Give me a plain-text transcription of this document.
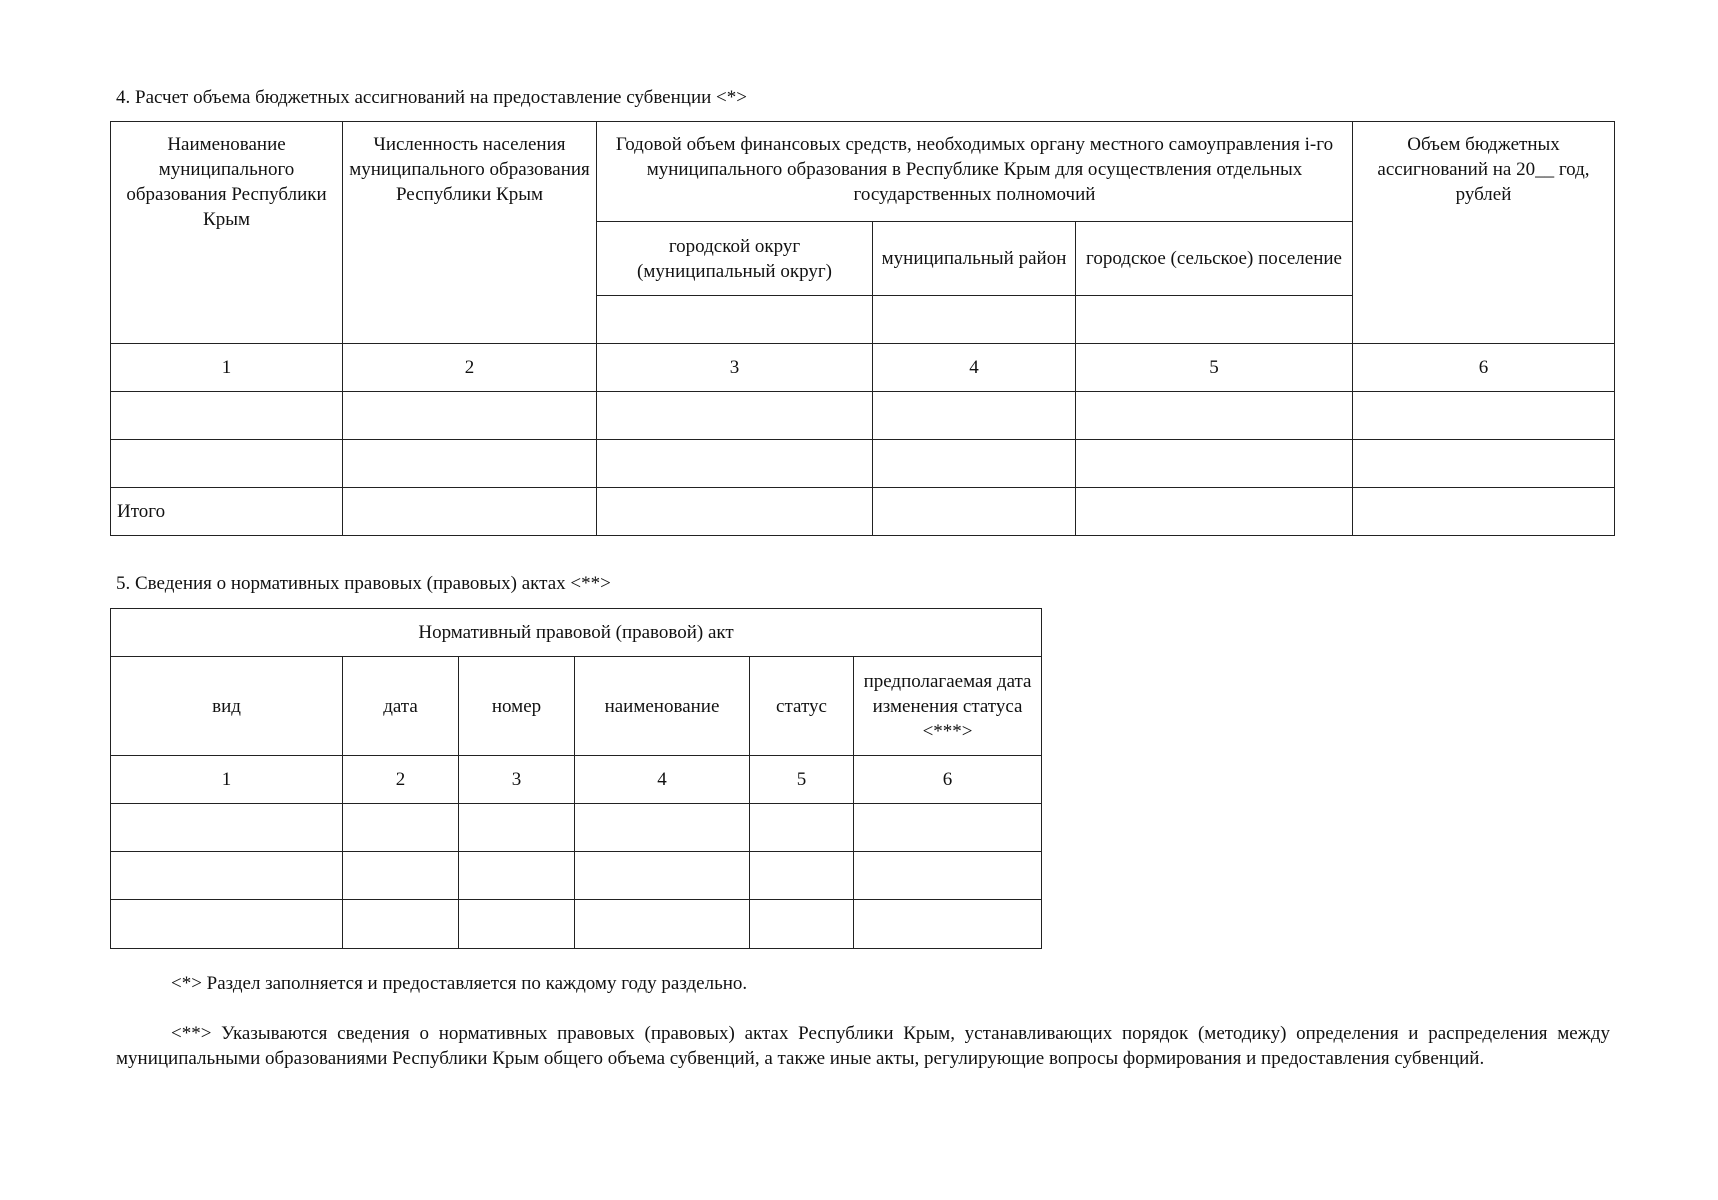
4. Расчет объема бюджетных ассигнований на предоставление субвенции <*>
Наименование муниципального образования Республики Крым	Численность населения муниципального образования Республики Крым	Годовой объем финансовых средств, необходимых органу местного самоуправления i-го муниципального образования в Республике Крым для осуществления отдельных государственных полномочий			Объем бюджетных ассигнований на 20__ год, рублей
		городской округ (муниципальный округ)	муниципальный район	городское (сельское) поселение	

1	2	3	4	5	6

Итого					
5. Сведения о нормативных правовых (правовых) актах <**>
Нормативный правовой (правовой) акт					
вид	дата	номер	наименование	статус	предполагаемая дата изменения статуса <***>
1	2	3	4	5	6

<*> Раздел заполняется и предоставляется по каждому году раздельно.
<**> Указываются сведения о нормативных правовых (правовых) актах Республики Крым, устанавливающих порядок (методику) определения и распределения между муниципальными образованиями Республики Крым общего объема субвенций, а также иные акты, регулирующие вопросы формирования и предоставления субвенций.
